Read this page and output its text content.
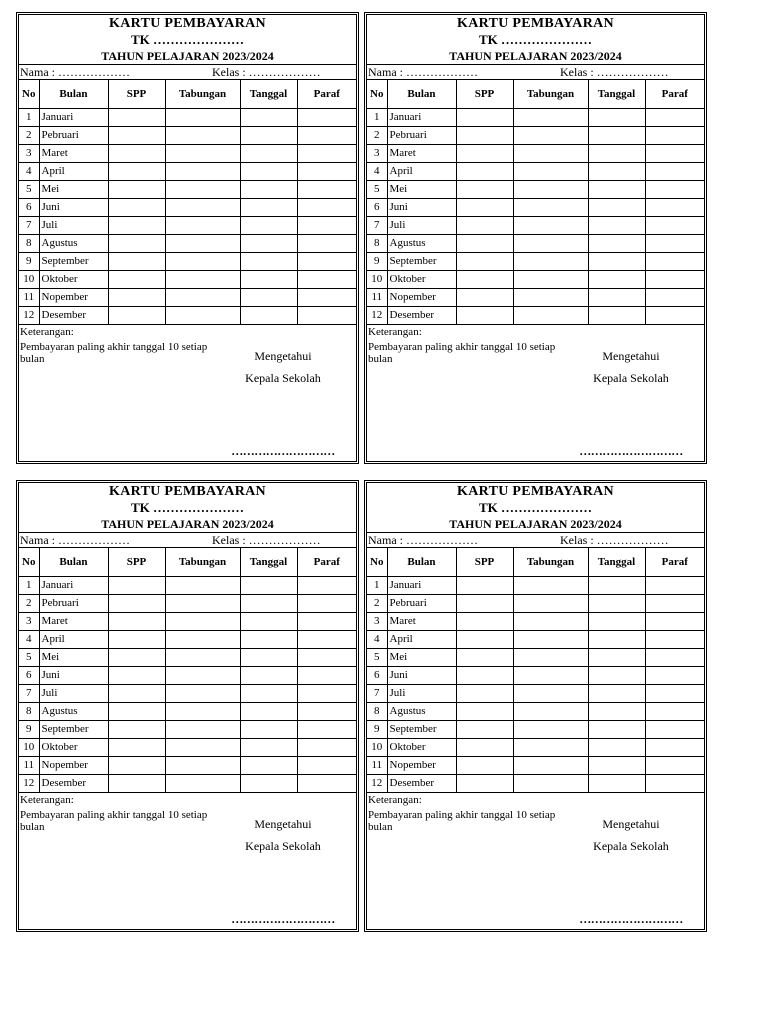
KARTU PEMBAYARAN
TK …………………
TAHUN PELAJARAN 2023/2024
Nama : ………………	Kelas : ………………
No	Bulan	SPP	Tabungan	Tanggal	Paraf
1	Januari				
2	Pebruari				
3	Maret				
4	April				
5	Mei				
6	Juni				
7	Juli				
8	Agustus				
9	September				
10	Oktober				
11	Nopember				
12	Desember				
Keterangan:
Pembayaran paling akhir tanggal 10 setiap bulan	Mengetahui
Kepala Sekolah
………………………
KARTU PEMBAYARAN
TK …………………
TAHUN PELAJARAN 2023/2024
Nama : ………………	Kelas : ………………
No	Bulan	SPP	Tabungan	Tanggal	Paraf
1	Januari				
2	Pebruari				
3	Maret				
4	April				
5	Mei				
6	Juni				
7	Juli				
8	Agustus				
9	September				
10	Oktober				
11	Nopember				
12	Desember				
Keterangan:
Pembayaran paling akhir tanggal 10 setiap bulan	Mengetahui
Kepala Sekolah
………………………
KARTU PEMBAYARAN
TK …………………
TAHUN PELAJARAN 2023/2024
Nama : ………………	Kelas : ………………
No	Bulan	SPP	Tabungan	Tanggal	Paraf
1	Januari				
2	Pebruari				
3	Maret				
4	April				
5	Mei				
6	Juni				
7	Juli				
8	Agustus				
9	September				
10	Oktober				
11	Nopember				
12	Desember				
Keterangan:
Pembayaran paling akhir tanggal 10 setiap bulan	Mengetahui
Kepala Sekolah
………………………
KARTU PEMBAYARAN
TK …………………
TAHUN PELAJARAN 2023/2024
Nama : ………………	Kelas : ………………
No	Bulan	SPP	Tabungan	Tanggal	Paraf
1	Januari				
2	Pebruari				
3	Maret				
4	April				
5	Mei				
6	Juni				
7	Juli				
8	Agustus				
9	September				
10	Oktober				
11	Nopember				
12	Desember				
Keterangan:
Pembayaran paling akhir tanggal 10 setiap bulan	Mengetahui
Kepala Sekolah
………………………
